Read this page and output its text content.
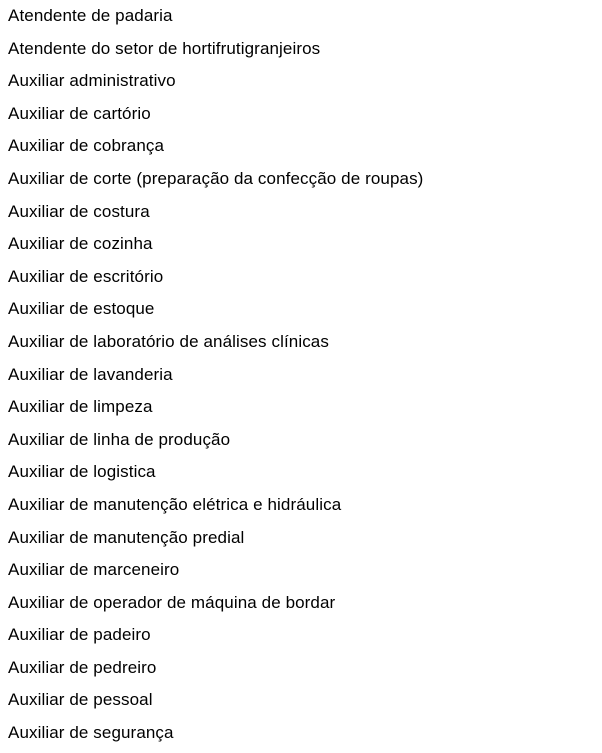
Atendente de padaria
Atendente do setor de hortifrutigranjeiros
Auxiliar administrativo
Auxiliar de cartório
Auxiliar de cobrança
Auxiliar de corte (preparação da confecção de roupas)
Auxiliar de costura
Auxiliar de cozinha
Auxiliar de escritório
Auxiliar de estoque
Auxiliar de laboratório de análises clínicas
Auxiliar de lavanderia
Auxiliar de limpeza
Auxiliar de linha de produção
Auxiliar de logistica
Auxiliar de manutenção elétrica e hidráulica
Auxiliar de manutenção predial
Auxiliar de marceneiro
Auxiliar de operador de máquina de bordar
Auxiliar de padeiro
Auxiliar de pedreiro
Auxiliar de pessoal
Auxiliar de segurança
